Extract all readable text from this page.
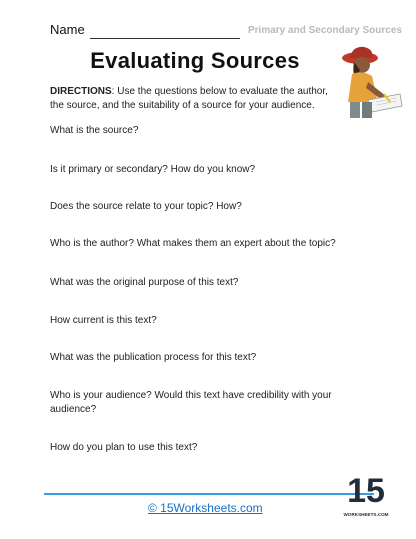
Name	Primary and Secondary Sources
Evaluating Sources
DIRECTIONS: Use the questions below to evaluate the author, the source, and the suitability of a source for your audience.
What is the source?
Is it primary or secondary? How do you know?
Does the source relate to your topic? How?
Who is the author? What makes them an expert about the topic?
What was the original purpose of this text?
How current is this text?
What was the publication process for this text?
Who is your audience? Would this text have credibility with your audience?
How do you plan to use this text?
© 15Worksheets.com 15
WORKSHEETS.COM
